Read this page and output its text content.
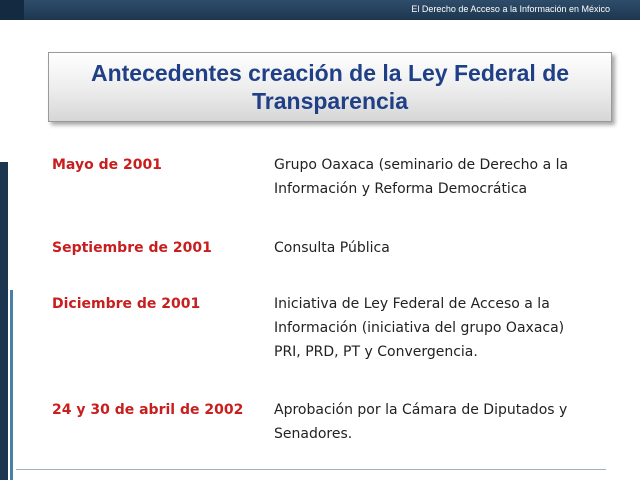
El Derecho de Acceso a la Información en México
Antecedentes creación de la Ley Federal de
Transparencia
Mayo de 2001	Grupo Oaxaca (seminario de Derecho a la
Información y Reforma Democrática
Septiembre de 2001	Consulta Pública
Diciembre de 2001	Iniciativa de Ley Federal de Acceso a la
Información (iniciativa del grupo Oaxaca)
PRI, PRD, PT y Convergencia.
24 y 30 de abril de 2002	Aprobación por la Cámara de Diputados y
Senadores.
